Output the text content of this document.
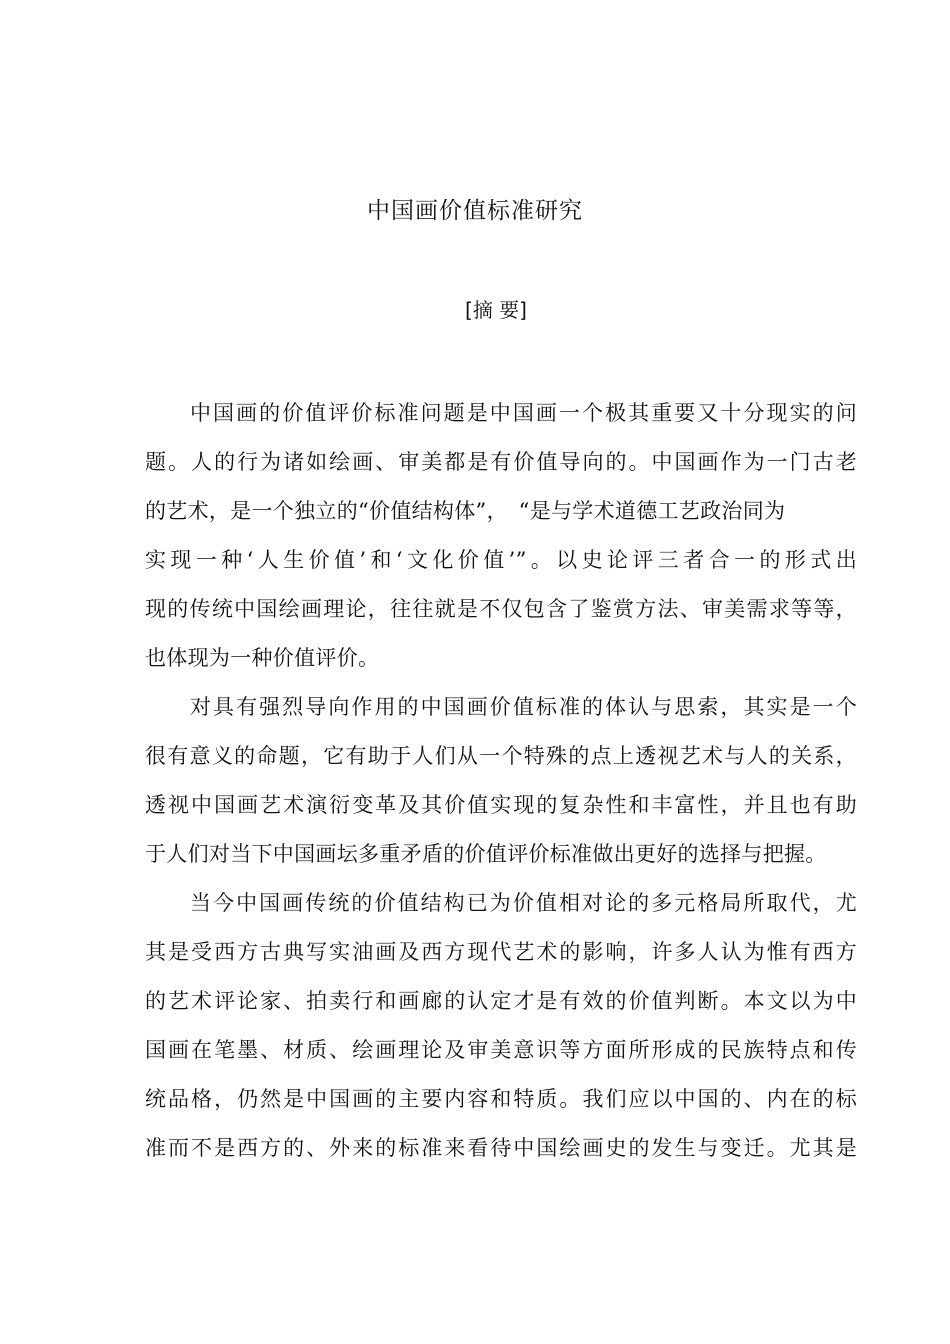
中国画价值标准研究
[摘 要]
中国画的价值评价标准问题是中国画一个极其重要又十分现实的问
题。人的行为诸如绘画、审美都是有价值导向的。中国画作为一门古老
的艺术，是一个独立的“价值结构体”，　“是与学术道德工艺政治同为
实现一种‘人生价值’和‘文化价值’”。以史论评三者合一的形式出
现的传统中国绘画理论，往往就是不仅包含了鉴赏方法、审美需求等等，
也体现为一种价值评价。
对具有强烈导向作用的中国画价值标准的体认与思索，其实是一个
很有意义的命题，它有助于人们从一个特殊的点上透视艺术与人的关系，
透视中国画艺术演衍变革及其价值实现的复杂性和丰富性，并且也有助
于人们对当下中国画坛多重矛盾的价值评价标准做出更好的选择与把握。
当今中国画传统的价值结构已为价值相对论的多元格局所取代，尤
其是受西方古典写实油画及西方现代艺术的影响，许多人认为惟有西方
的艺术评论家、拍卖行和画廊的认定才是有效的价值判断。本文以为中
国画在笔墨、材质、绘画理论及审美意识等方面所形成的民族特点和传
统品格，仍然是中国画的主要内容和特质。我们应以中国的、内在的标
准而不是西方的、外来的标准来看待中国绘画史的发生与变迁。尤其是
